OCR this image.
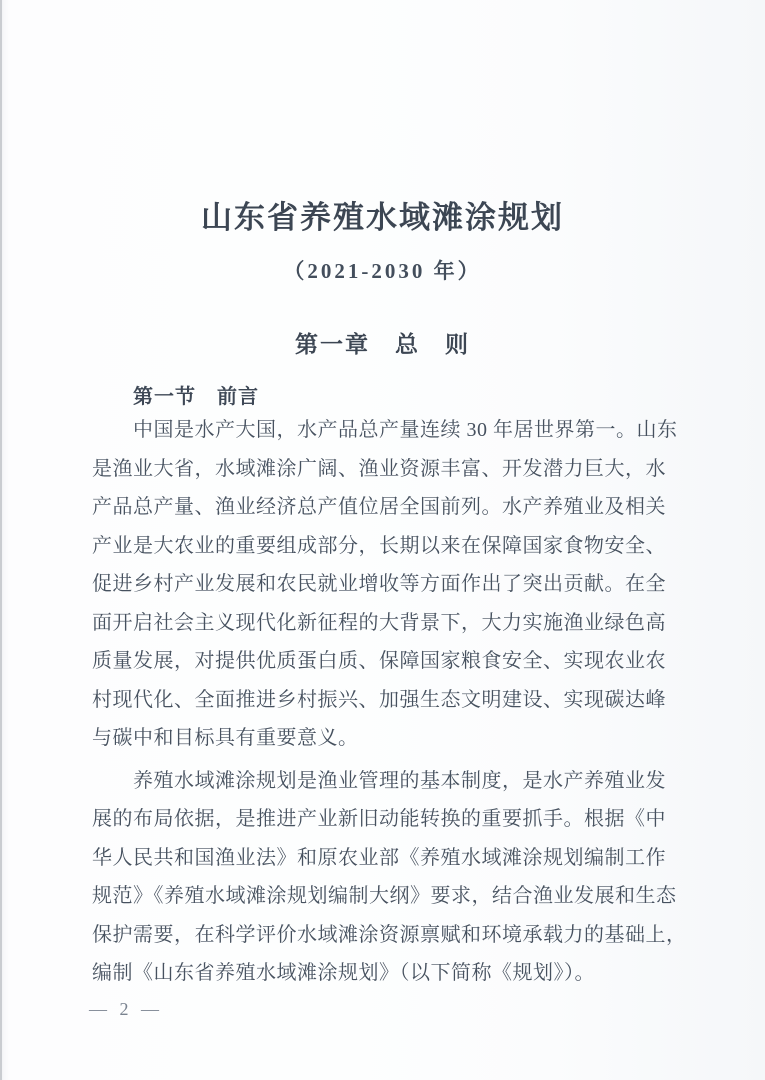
山东省养殖水域滩涂规划
（2021-2030 年）
第一章　总　则
第一节　前言

中国是水产大国，水产品总产量连续 30 年居世界第一。山东
是渔业大省，水域滩涂广阔、渔业资源丰富、开发潜力巨大，水
产品总产量、渔业经济总产值位居全国前列。水产养殖业及相关
产业是大农业的重要组成部分，长期以来在保障国家食物安全、
促进乡村产业发展和农民就业增收等方面作出了突出贡献。在全
面开启社会主义现代化新征程的大背景下，大力实施渔业绿色高
质量发展，对提供优质蛋白质、保障国家粮食安全、实现农业农
村现代化、全面推进乡村振兴、加强生态文明建设、实现碳达峰
与碳中和目标具有重要意义。

养殖水域滩涂规划是渔业管理的基本制度，是水产养殖业发
展的布局依据，是推进产业新旧动能转换的重要抓手。根据《中
华人民共和国渔业法》和原农业部《养殖水域滩涂规划编制工作
规范》《养殖水域滩涂规划编制大纲》要求，结合渔业发展和生态
保护需要，在科学评价水域滩涂资源禀赋和环境承载力的基础上，
编制《山东省养殖水域滩涂规划》（以下简称《规划》）。

— 2 —
